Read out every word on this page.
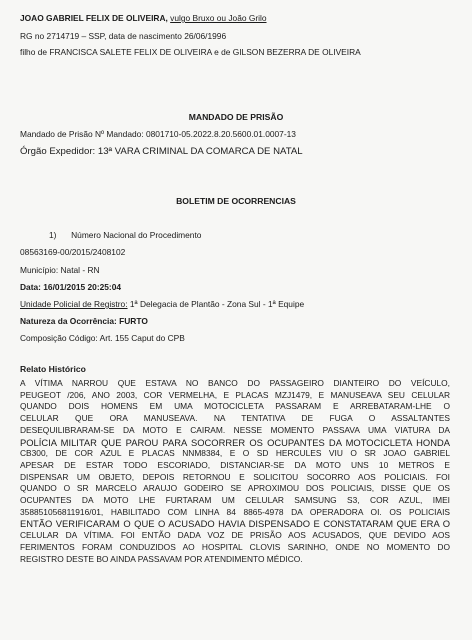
JOAO GABRIEL FELIX DE OLIVEIRA, vulgo Bruxo ou João Grilo
RG no 2714719 – SSP, data de nascimento 26/06/1996
filho de FRANCISCA SALETE FELIX DE OLIVEIRA e de GILSON BEZERRA DE OLIVEIRA
MANDADO DE PRISÃO
Mandado de Prisão Nº Mandado: 0801710-05.2022.8.20.5600.01.0007-13
Órgão Expedidor: 13ª VARA CRIMINAL DA COMARCA DE NATAL
BOLETIM DE OCORRENCIAS
1) Número Nacional do Procedimento
08563169-00/2015/2408102
Município: Natal - RN
Data: 16/01/2015 20:25:04
Unidade Policial de Registro: 1ª Delegacia de Plantão - Zona Sul - 1ª Equipe
Natureza da Ocorrência: FURTO
Composição Código: Art. 155 Caput do CPB
Relato Histórico
A VÍTIMA NARROU QUE ESTAVA NO BANCO DO PASSAGEIRO DIANTEIRO DO VEÍCULO,
PEUGEOT /206, ANO 2003, COR VERMELHA, E PLACAS MZJ1479, E MANUSEAVA SEU CELULAR
QUANDO DOIS HOMENS EM UMA MOTOCICLETA PASSARAM E ARREBATARAM-LHE O
CELULAR QUE ORA MANUSEAVA. NA TENTATIVA DE FUGA O ASSALTANTES
DESEQUILIBRARAM-SE DA MOTO E CAIRAM. NESSE MOMENTO PASSAVA UMA VIATURA DA
POLÍCIA MILITAR QUE PAROU PARA SOCORRER OS OCUPANTES DA MOTOCICLETA HONDA
CB300, DE COR AZUL E PLACAS NNM8384, E O SD HERCULES VIU O SR JOAO GABRIEL
APESAR DE ESTAR TODO ESCORIADO, DISTANCIAR-SE DA MOTO UNS 10 METROS E
DISPENSAR UM OBJETO, DEPOIS RETORNOU E SOLICITOU SOCORRO AOS POLICIAIS. FOI
QUANDO O SR MARCELO ARAUJO GODEIRO SE APROXIMOU DOS POLICIAIS, DISSE QUE OS
OCUPANTES DA MOTO LHE FURTARAM UM CELULAR SAMSUNG S3, COR AZUL, IMEI
358851056811916/01, HABILITADO COM LINHA 84 8865-4978 DA OPERADORA OI. OS POLICIAIS
ENTÃO VERIFICARAM O QUE O ACUSADO HAVIA DISPENSADO E CONSTATARAM QUE ERA O
CELULAR DA VÍTIMA. FOI ENTÃO DADA VOZ DE PRISÃO AOS ACUSADOS, QUE DEVIDO AOS
FERIMENTOS FORAM CONDUZIDOS AO HOSPITAL CLOVIS SARINHO, ONDE NO MOMENTO DO
REGISTRO DESTE BO AINDA PASSAVAM POR ATENDIMENTO MÉDICO.
